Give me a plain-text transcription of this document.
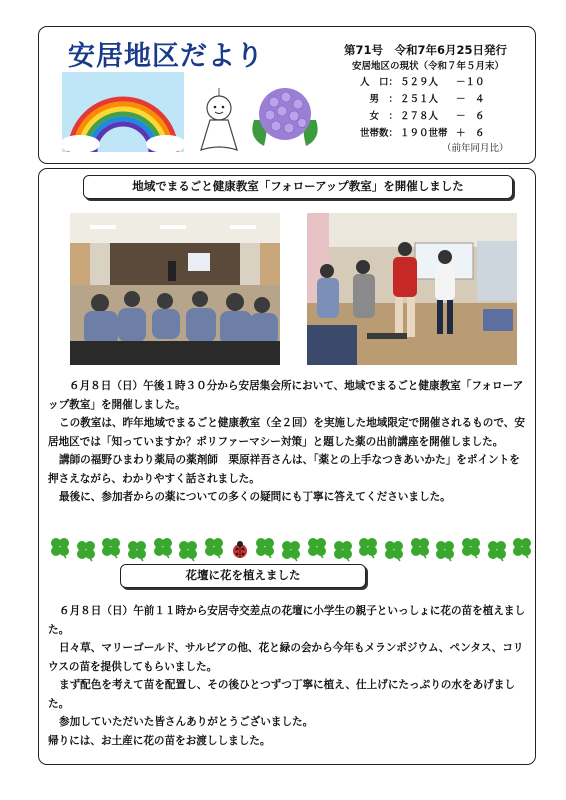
安居地区だより	第71号　令和7年6月25日発行
安居地区の現状（令和７年５月末）
人　口： ５２９人 －１０
男　： ２５１人 －　４
女　： ２７８人 －　６
世帯数： １９０世帯 ＋　６
（前年同月比）
地域でまるごと健康教室「フォローアップ教室」を開催しました

６月８日（日）午後１時３０分から安居集会所において、地域でまるごと健康教室「フォローアップ教室」を開催しました。

この教室は、昨年地域でまるごと健康教室（全２回）を実施した地域限定で開催されるもので、安居地区では「知っていますか？ポリファーマシー対策」と題した薬の出前講座を開催しました。

講師の福野ひまわり薬局の薬剤師　栗原祥吾さんは、「薬との上手なつきあいかた」をポイントを押さえながら、わかりやすく話されました。

最後に、参加者からの薬についての多くの疑問にも丁寧に答えてくださいました。

花壇に花を植えました

６月８日（日）午前１１時から安居寺交差点の花壇に小学生の親子といっしょに花の苗を植えました。

日々草、マリーゴールド、サルビアの他、花と緑の会から今年もメランポジウム、ペンタス、コリウスの苗を提供してもらいました。

まず配色を考えて苗を配置し、その後ひとつずつ丁寧に植え、仕上げにたっぷりの水をあげました。

参加していただいた皆さんありがとうございました。

帰りには、お土産に花の苗をお渡ししました。
